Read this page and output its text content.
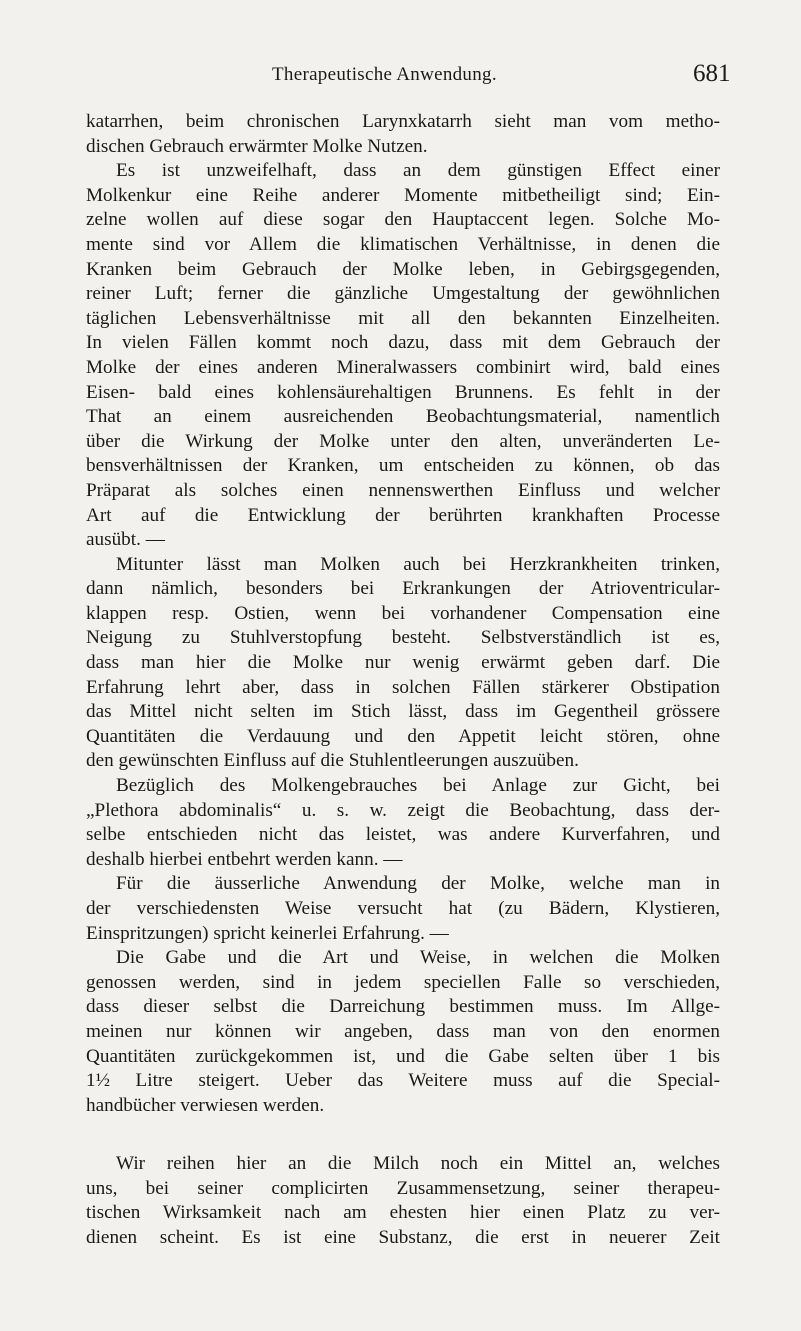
Therapeutische Anwendung.	681
katarrhen, beim chronischen Larynxkatarrh sieht man vom metho-
dischen Gebrauch erwärmter Molke Nutzen.
Es ist unzweifelhaft, dass an dem günstigen Effect einer
Molkenkur eine Reihe anderer Momente mitbetheiligt sind; Ein-
zelne wollen auf diese sogar den Hauptaccent legen. Solche Mo-
mente sind vor Allem die klimatischen Verhältnisse, in denen die
Kranken beim Gebrauch der Molke leben, in Gebirgsgegenden,
reiner Luft; ferner die gänzliche Umgestaltung der gewöhnlichen
täglichen Lebensverhältnisse mit all den bekannten Einzelheiten.
In vielen Fällen kommt noch dazu, dass mit dem Gebrauch der
Molke der eines anderen Mineralwassers combinirt wird, bald eines
Eisen- bald eines kohlensäurehaltigen Brunnens. Es fehlt in der
That an einem ausreichenden Beobachtungsmaterial, namentlich
über die Wirkung der Molke unter den alten, unveränderten Le-
bensverhältnissen der Kranken, um entscheiden zu können, ob das
Präparat als solches einen nennenswerthen Einfluss und welcher
Art auf die Entwicklung der berührten krankhaften Processe
ausübt. —
Mitunter lässt man Molken auch bei Herzkrankheiten trinken,
dann nämlich, besonders bei Erkrankungen der Atrioventricular-
klappen resp. Ostien, wenn bei vorhandener Compensation eine
Neigung zu Stuhlverstopfung besteht. Selbstverständlich ist es,
dass man hier die Molke nur wenig erwärmt geben darf. Die
Erfahrung lehrt aber, dass in solchen Fällen stärkerer Obstipation
das Mittel nicht selten im Stich lässt, dass im Gegentheil grössere
Quantitäten die Verdauung und den Appetit leicht stören, ohne
den gewünschten Einfluss auf die Stuhlentleerungen auszuüben.
Bezüglich des Molkengebrauches bei Anlage zur Gicht, bei
„Plethora abdominalis“ u. s. w. zeigt die Beobachtung, dass der-
selbe entschieden nicht das leistet, was andere Kurverfahren, und
deshalb hierbei entbehrt werden kann. —
Für die äusserliche Anwendung der Molke, welche man in
der verschiedensten Weise versucht hat (zu Bädern, Klystieren,
Einspritzungen) spricht keinerlei Erfahrung. —
Die Gabe und die Art und Weise, in welchen die Molken
genossen werden, sind in jedem speciellen Falle so verschieden,
dass dieser selbst die Darreichung bestimmen muss. Im Allge-
meinen nur können wir angeben, dass man von den enormen
Quantitäten zurückgekommen ist, und die Gabe selten über 1 bis
1½ Litre steigert. Ueber das Weitere muss auf die Special-
handbücher verwiesen werden.
Wir reihen hier an die Milch noch ein Mittel an, welches
uns, bei seiner complicirten Zusammensetzung, seiner therapeu-
tischen Wirksamkeit nach am ehesten hier einen Platz zu ver-
dienen scheint. Es ist eine Substanz, die erst in neuerer Zeit
